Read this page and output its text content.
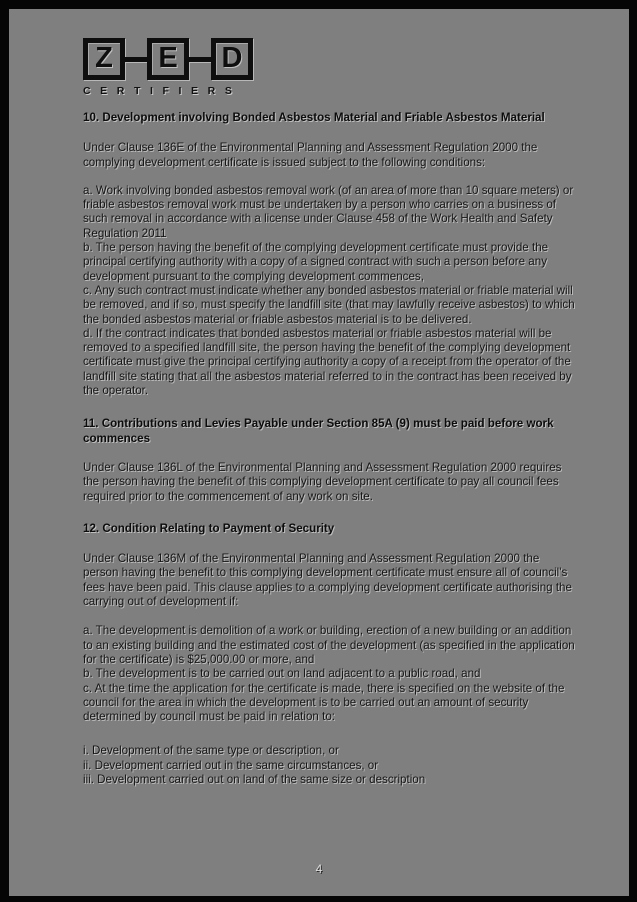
Z E D
CERTIFIERS
10. Development involving Bonded Asbestos Material and Friable Asbestos Material
Under Clause 136E of the Environmental Planning and Assessment Regulation 2000 the complying development certificate is issued subject to the following conditions:
a. Work involving bonded asbestos removal work (of an area of more than 10 square meters) or friable asbestos removal work must be undertaken by a person who carries on a business of such removal in accordance with a license under Clause 458 of the Work Health and Safety Regulation 2011
b. The person having the benefit of the complying development certificate must provide the principal certifying authority with a copy of a signed contract with such a person before any development pursuant to the complying development commences,
c. Any such contract must indicate whether any bonded asbestos material or friable material will be removed, and if so, must specify the landfill site (that may lawfully receive asbestos) to which the bonded asbestos material or friable asbestos material is to be delivered.
d. If the contract indicates that bonded asbestos material or friable asbestos material will be removed to a specified landfill site, the person having the benefit of the complying development certificate must give the principal certifying authority a copy of a receipt from the operator of the landfill site stating that all the asbestos material referred to in the contract has been received by the operator.
11. Contributions and Levies Payable under Section 85A (9) must be paid before work commences
Under Clause 136L of the Environmental Planning and Assessment Regulation 2000 requires the person having the benefit of this complying development certificate to pay all council fees required prior to the commencement of any work on site.
12. Condition Relating to Payment of Security
Under Clause 136M of the Environmental Planning and Assessment Regulation 2000 the person having the benefit to this complying development certificate must ensure all of council's fees have been paid. This clause applies to a complying development certificate authorising the carrying out of development if:
a. The development is demolition of a work or building, erection of a new building or an addition to an existing building and the estimated cost of the development (as specified in the application for the certificate) is $25,000.00 or more, and
b. The development is to be carried out on land adjacent to a public road, and
c. At the time the application for the certificate is made, there is specified on the website of the council for the area in which the development is to be carried out an amount of security determined by council must be paid in relation to:
i. Development of the same type or description, or
ii. Development carried out in the same circumstances, or
iii. Development carried out on land of the same size or description
4
